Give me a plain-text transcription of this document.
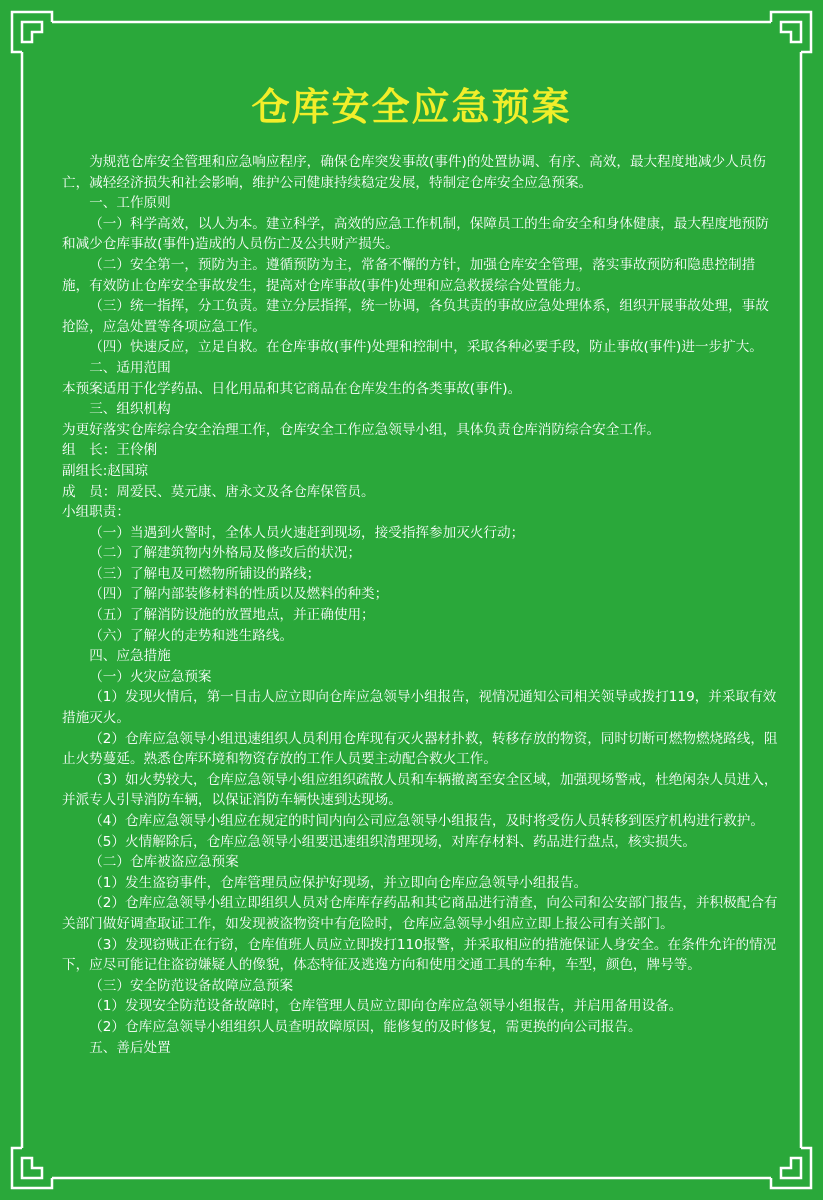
仓库安全应急预案

为规范仓库安全管理和应急响应程序，确保仓库突发事故(事件)的处置协调、有序、高效，最大程度地减少人员伤亡，减轻经济损失和社会影响，维护公司健康持续稳定发展，特制定仓库安全应急预案。

一、工作原则

（一）科学高效，以人为本。建立科学，高效的应急工作机制，保障员工的生命安全和身体健康，最大程度地预防和减少仓库事故(事件)造成的人员伤亡及公共财产损失。

（二）安全第一，预防为主。遵循预防为主，常备不懈的方针，加强仓库安全管理，落实事故预防和隐患控制措施，有效防止仓库安全事故发生，提高对仓库事故(事件)处理和应急救援综合处置能力。

（三）统一指挥，分工负责。建立分层指挥，统一协调，各负其责的事故应急处理体系，组织开展事故处理，事故抢险，应急处置等各项应急工作。

（四）快速反应，立足自救。在仓库事故(事件)处理和控制中，采取各种必要手段，防止事故(事件)进一步扩大。

二、适用范围

本预案适用于化学药品、日化用品和其它商品在仓库发生的各类事故(事件)。

三、组织机构

为更好落实仓库综合安全治理工作，仓库安全工作应急领导小组，具体负责仓库消防综合安全工作。

组　长：王伶俐

副组长:赵国琼

成　员：周爱民、莫元康、唐永文及各仓库保管员。

小组职责：

（一）当遇到火警时，全体人员火速赶到现场，接受指挥参加灭火行动；

（二）了解建筑物内外格局及修改后的状况；

（三）了解电及可燃物所铺设的路线；

（四）了解内部装修材料的性质以及燃料的种类；

（五）了解消防设施的放置地点，并正确使用；

（六）了解火的走势和逃生路线。

四、应急措施

（一）火灾应急预案

（1）发现火情后，第一目击人应立即向仓库应急领导小组报告，视情况通知公司相关领导或拨打119，并采取有效措施灭火。

（2）仓库应急领导小组迅速组织人员利用仓库现有灭火器材扑救，转移存放的物资，同时切断可燃物燃烧路线，阻止火势蔓延。熟悉仓库环境和物资存放的工作人员要主动配合救火工作。

（3）如火势较大，仓库应急领导小组应组织疏散人员和车辆撤离至安全区域，加强现场警戒，杜绝闲杂人员进入，并派专人引导消防车辆，以保证消防车辆快速到达现场。

（4）仓库应急领导小组应在规定的时间内向公司应急领导小组报告，及时将受伤人员转移到医疗机构进行救护。

（5）火情解除后，仓库应急领导小组要迅速组织清理现场，对库存材料、药品进行盘点，核实损失。

（二）仓库被盗应急预案

（1）发生盗窃事件，仓库管理员应保护好现场，并立即向仓库应急领导小组报告。

（2）仓库应急领导小组立即组织人员对仓库库存药品和其它商品进行清查，向公司和公安部门报告，并积极配合有关部门做好调查取证工作，如发现被盗物资中有危险时，仓库应急领导小组应立即上报公司有关部门。

（3）发现窃贼正在行窃，仓库值班人员应立即拨打110报警，并采取相应的措施保证人身安全。在条件允许的情况下，应尽可能记住盗窃嫌疑人的像貌，体态特征及逃逸方向和使用交通工具的车种，车型，颜色，牌号等。

（三）安全防范设备故障应急预案

（1）发现安全防范设备故障时，仓库管理人员应立即向仓库应急领导小组报告，并启用备用设备。

（2）仓库应急领导小组组织人员查明故障原因，能修复的及时修复，需更换的向公司报告。

五、善后处置
